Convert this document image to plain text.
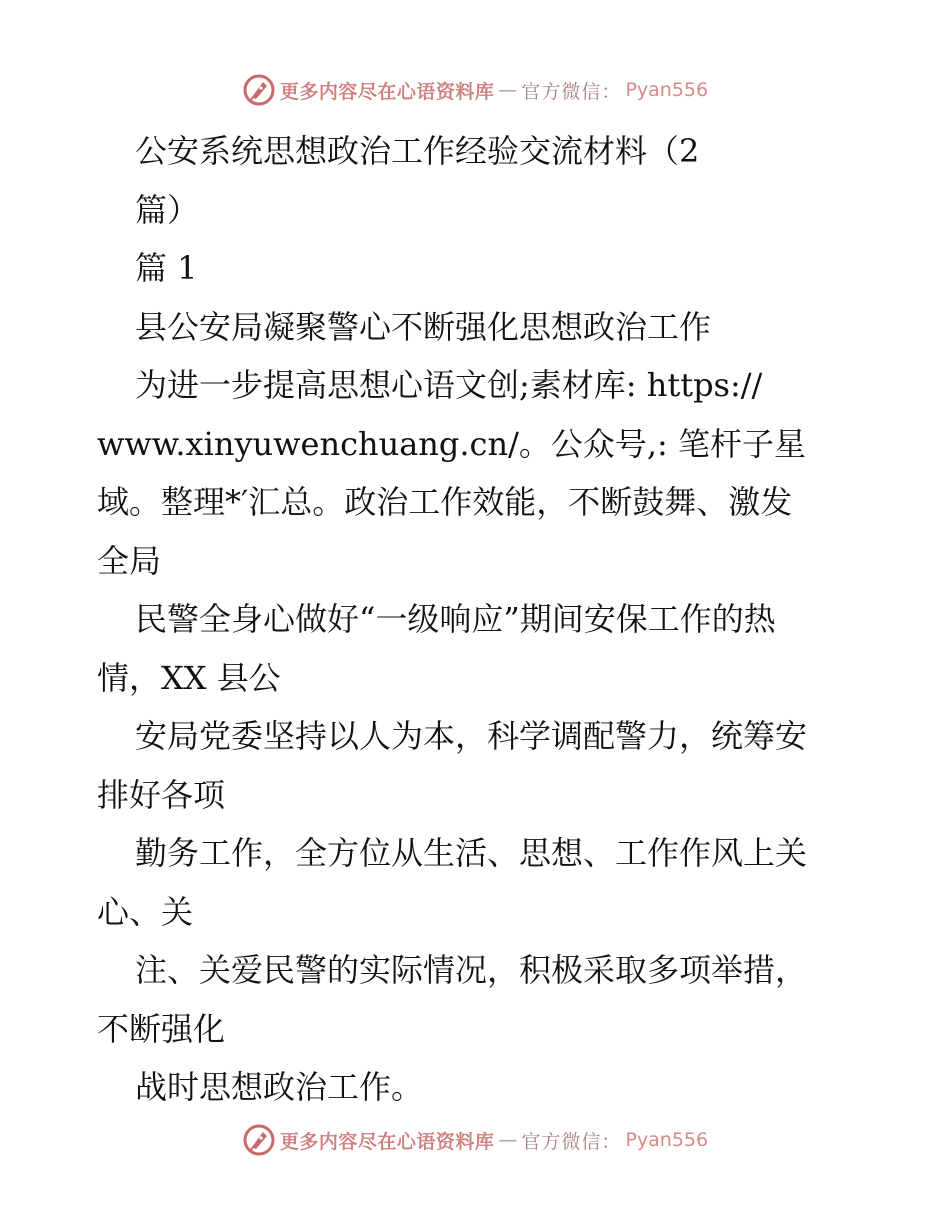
更多内容尽在心语资料库 — 官方微信： Pyan556

公安系统思想政治工作经验交流材料（2

篇）

篇 1

县公安局凝聚警心不断强化思想政治工作

为进一步提高思想心语文创;素材库: https://

www.xinyuwenchuang.cn/。公众号,: 笔杆子星

域。整理*′汇总。政治工作效能，不断鼓舞、激发

全局

民警全身心做好“一级响应”期间安保工作的热

情，XX 县公

安局党委坚持以人为本，科学调配警力，统筹安

排好各项

勤务工作，全方位从生活、思想、工作作风上关

心、关

注、关爱民警的实际情况，积极采取多项举措，

不断强化

战时思想政治工作。

更多内容尽在心语资料库 — 官方微信： Pyan556
